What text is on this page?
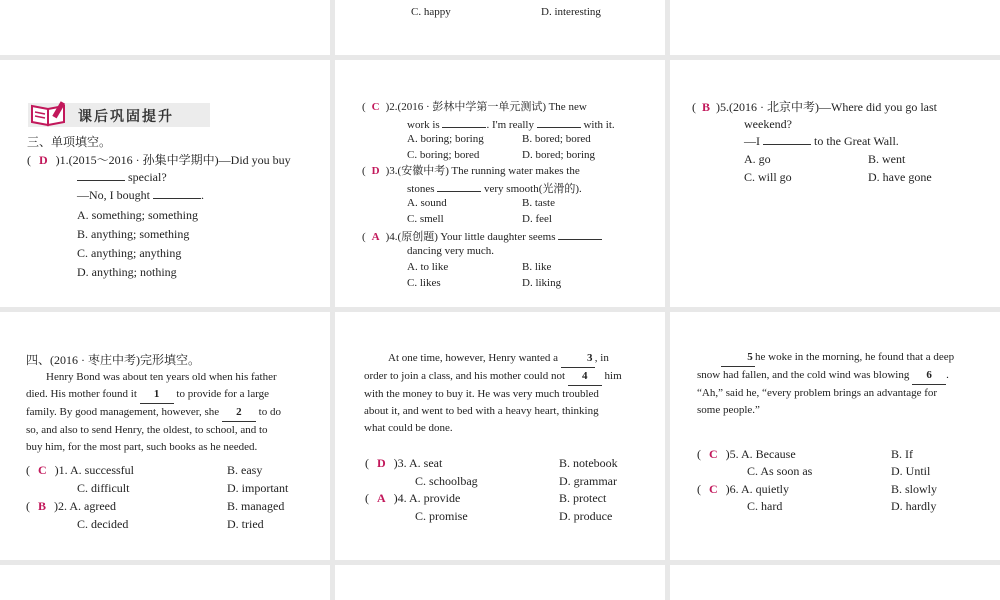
C. happy	D. interesting
课后巩固提升
三、单项填空。
( D )1.(2015～2016 · 孙集中学期中)—Did you buy
special?
—No, I bought	.
A. something; something
B. anything; something
C. anything; anything
D. anything; nothing
( C )2.(2016 · 彭林中学第一单元测试) The new
work is	. I'm really	with it.
A. boring; boring	B. bored; bored
C. boring; bored	D. bored; boring
( D )3.(安徽中考) The running water makes the
stones	very smooth(光滑的).
A. sound	B. taste
C. smell	D. feel
( A )4.(原创题) Your little daughter seems
dancing very much.
A. to like	B. like
C. likes	D. liking
( B )5.(2016 · 北京中考)—Where did you go last
weekend?
—I	to the Great Wall.
A. go	B. went
C. will go	D. have gone
四、(2016 · 枣庄中考)完形填空。
Henry Bond was about ten years old when his father
died. His mother found it 1 to provide for a large
family. By good management, however, she 2 to do
so, and also to send Henry, the oldest, to school, and to
buy him, for the most part, such books as he needed.
( C )1. A. successful	B. easy
C. difficult	D. important
( B )2. A. agreed	B. managed
C. decided	D. tried
At one time, however, Henry wanted a	3 , in
order to join a class, and his mother could not 4 him
with the money to buy it. He was very much troubled
about it, and went to bed with a heavy heart, thinking
what could be done.
( D )3. A. seat	B. notebook
C. schoolbag	D. grammar
( A )4. A. provide	B. protect
C. promise	D. produce
5 he woke in the morning, he found that a deep
snow had fallen, and the cold wind was blowing 6 .
“Ah,” said he, “every problem brings an advantage for
some people.”
( C )5. A. Because	B. If
C. As soon as	D. Until
( C )6. A. quietly	B. slowly
C. hard	D. hardly
